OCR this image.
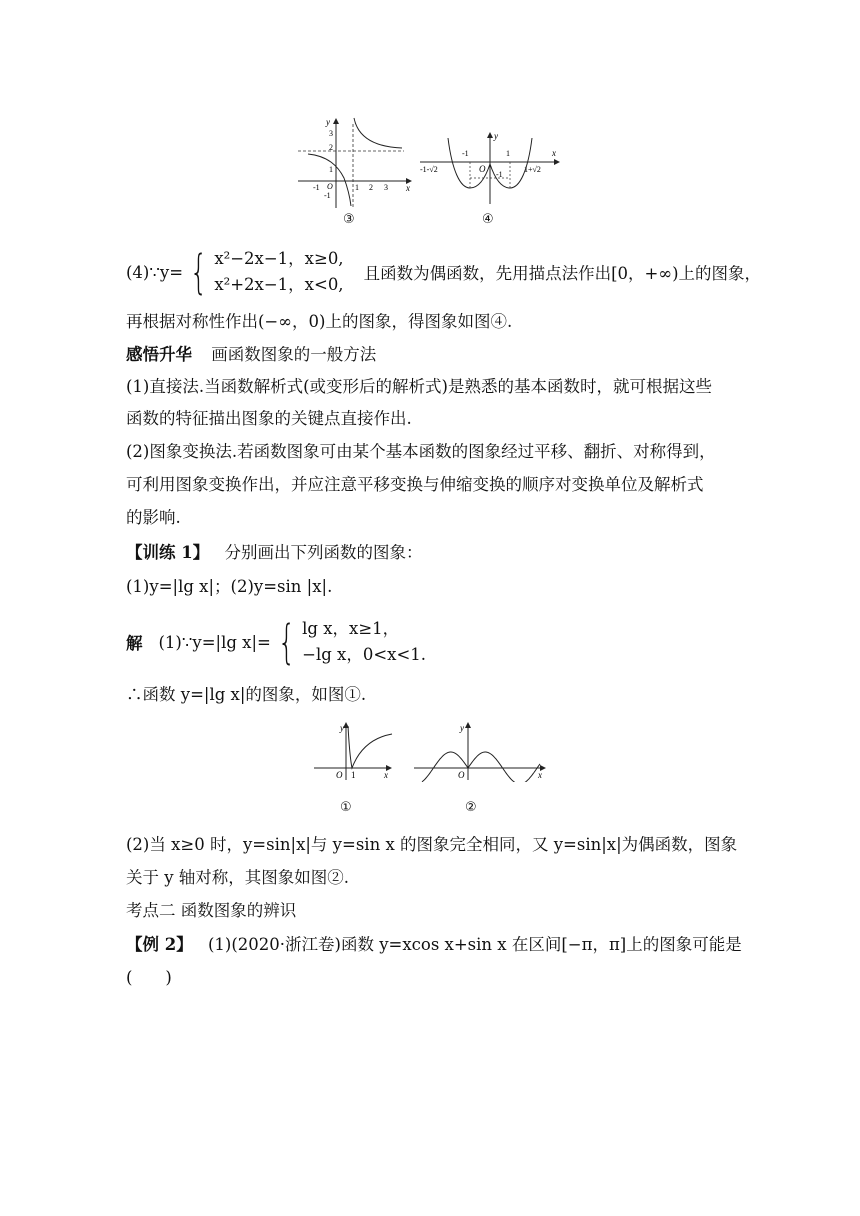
y
x
O
3
2
1
-1
-1	1 2 3
③
y
x
O
-1	1
-1
-1-√2	1+√2
④
(4)∵y= { x²−2x−1，x≥0,
x²+2x−1，x<0,
且函数为偶函数，先用描点法作出[0，+∞)上的图象，
再根据对称性作出(−∞，0)上的图象，得图象如图④.
感悟升华 画函数图象的一般方法
(1)直接法.当函数解析式(或变形后的解析式)是熟悉的基本函数时，就可根据这些
函数的特征描出图象的关键点直接作出.
(2)图象变换法.若函数图象可由某个基本函数的图象经过平移、翻折、对称得到，
可利用图象变换作出，并应注意平移变换与伸缩变换的顺序对变换单位及解析式
的影响.
【训练 1】 分别画出下列函数的图象：
(1)y=|lg x|；(2)y=sin |x|.
解 (1)∵y=|lg x|= { lg x，x≥1，
−lg x，0<x<1.
∴函数 y=|lg x|的图象，如图①.
y
x
O 1
①
y
x
O
②
(2)当 x≥0 时，y=sin|x|与 y=sin x 的图象完全相同，又 y=sin|x|为偶函数，图象
关于 y 轴对称，其图象如图②.
考点二 函数图象的辨识
【例 2】 (1)(2020·浙江卷)函数 y=xcos x+sin x 在区间[−π，π]上的图象可能是
(　　)
